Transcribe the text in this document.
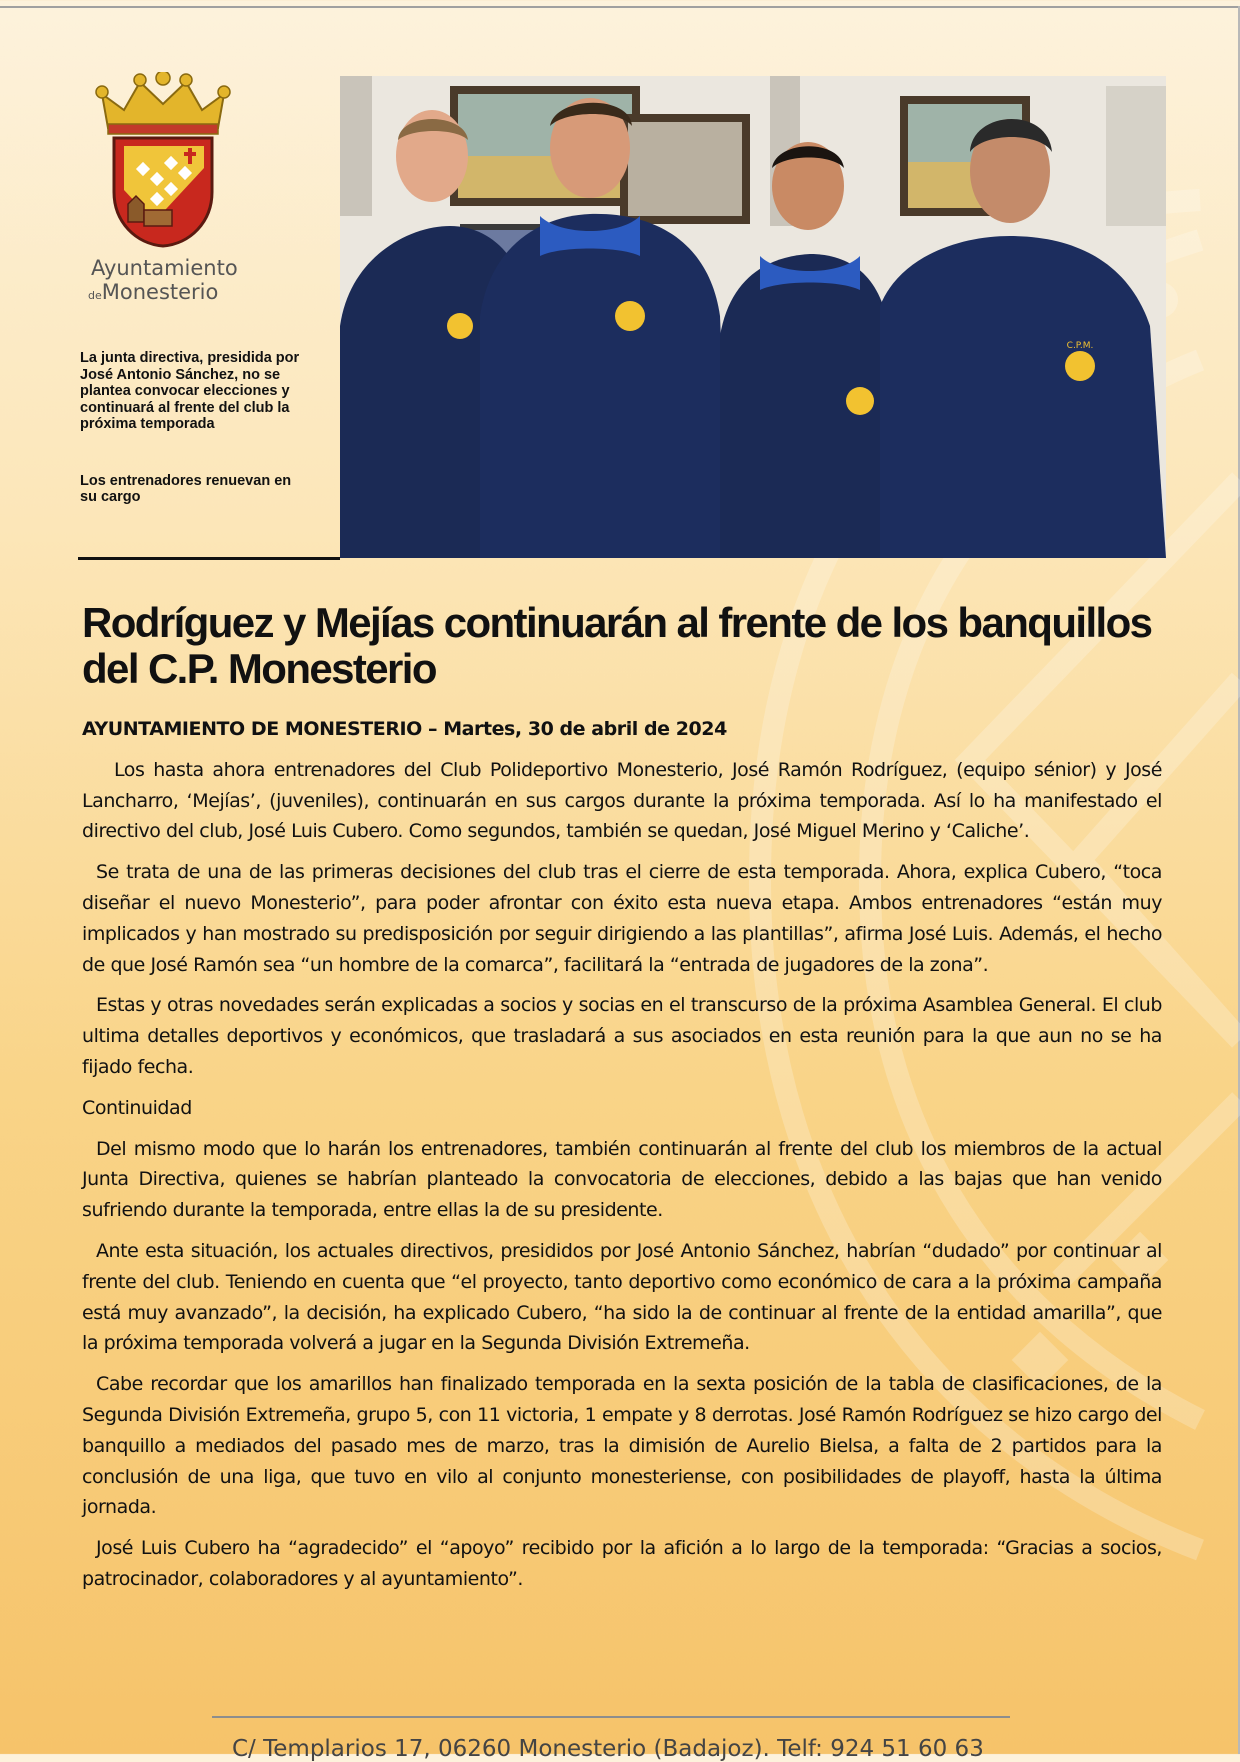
Ayuntamiento
deMonesterio

La junta directiva, presidida por José Antonio Sánchez, no se plantea convocar elecciones y continuará al frente del club la próxima temporada

Los entrenadores renuevan en su cargo

C.P.M.
Rodríguez y Mejías continuarán al frente de los banquillos del C.P. Monesterio

AYUNTAMIENTO DE MONESTERIO – Martes, 30 de abril de 2024

Los hasta ahora entrenadores del Club Polideportivo Monesterio, José Ramón Rodríguez, (equipo sénior) y José Lancharro, ‘Mejías’, (juveniles), continuarán en sus cargos durante la próxima temporada. Así lo ha manifestado el directivo del club, José Luis Cubero. Como segundos, también se quedan, José Miguel Merino y ‘Caliche’.

Se trata de una de las primeras decisiones del club tras el cierre de esta temporada. Ahora, explica Cubero, “toca diseñar el nuevo Monesterio”, para poder afrontar con éxito esta nueva etapa. Ambos entrenadores “están muy implicados y han mostrado su predisposición por seguir dirigiendo a las plantillas”, afirma José Luis. Además, el hecho de que José Ramón sea “un hombre de la comarca”, facilitará la “entrada de jugadores de la zona”.

Estas y otras novedades serán explicadas a socios y socias en el transcurso de la próxima Asamblea General. El club ultima detalles deportivos y económicos, que trasladará a sus asociados en esta reunión para la que aun no se ha fijado fecha.

Continuidad

Del mismo modo que lo harán los entrenadores, también continuarán al frente del club los miembros de la actual Junta Directiva, quienes se habrían planteado la convocatoria de elecciones, debido a las bajas que han venido sufriendo durante la temporada, entre ellas la de su presidente.

Ante esta situación, los actuales directivos, presididos por José Antonio Sánchez, habrían “dudado” por continuar al frente del club. Teniendo en cuenta que “el proyecto, tanto deportivo como económico de cara a la próxima campaña está muy avanzado”, la decisión, ha explicado Cubero, “ha sido la de continuar al frente de la entidad amarilla”, que la próxima temporada volverá a jugar en la Segunda División Extremeña.

Cabe recordar que los amarillos han finalizado temporada en la sexta posición de la tabla de clasificaciones, de la Segunda División Extremeña, grupo 5, con 11 victoria, 1 empate y 8 derrotas. José Ramón Rodríguez se hizo cargo del banquillo a mediados del pasado mes de marzo, tras la dimisión de Aurelio Bielsa, a falta de 2 partidos para la conclusión de una liga, que tuvo en vilo al conjunto monesteriense, con posibilidades de playoff, hasta la última jornada.

José Luis Cubero ha “agradecido” el “apoyo” recibido por la afición a lo largo de la temporada: “Gracias a socios, patrocinador, colaboradores y al ayuntamiento”.

C/ Templarios 17, 06260 Monesterio (Badajoz). Telf: 924 51 60 63
